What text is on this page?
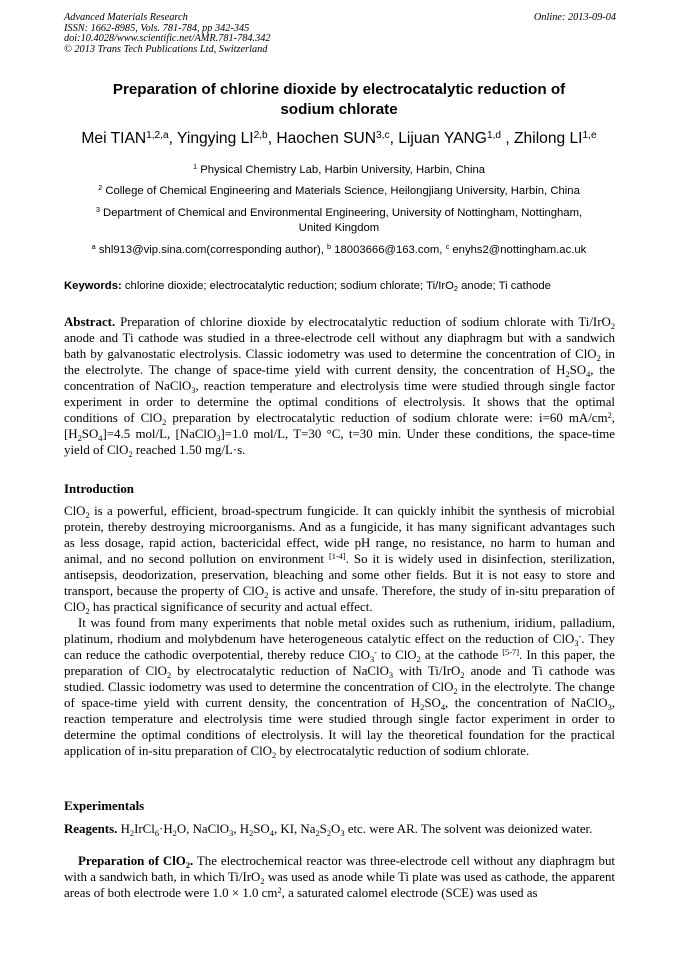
Advanced Materials Research
ISSN: 1662-8985, Vols. 781-784, pp 342-345
doi:10.4028/www.scientific.net/AMR.781-784.342
© 2013 Trans Tech Publications Ltd, Switzerland
Online: 2013-09-04
Preparation of chlorine dioxide by electrocatalytic reduction of
sodium chlorate
Mei TIAN$^{1,2,a}$, Yingying LI$^{2,b}$, Haochen SUN$^{3,c}$, Lijuan YANG$^{1,d}$ , Zhilong LI$^{1,e}$
$^1$ Physical Chemistry Lab, Harbin University, Harbin, China
$^2$ College of Chemical Engineering and Materials Science, Heilongjiang University, Harbin, China
$^3$ Department of Chemical and Environmental Engineering, University of Nottingham, Nottingham,
United Kingdom
$^a$ shl913@vip.sina.com(corresponding author), $^b$ 18003666@163.com, $^c$ enyhs2@nottingham.ac.uk
Keywords: chlorine dioxide; electrocatalytic reduction; sodium chlorate; Ti/IrO$_2$ anode; Ti cathode
Abstract. Preparation of chlorine dioxide by electrocatalytic reduction of sodium chlorate with Ti/IrO$_2$ anode and Ti cathode was studied in a three-electrode cell without any diaphragm but with a sandwich bath by galvanostatic electrolysis. Classic iodometry was used to determine the concentration of ClO$_2$ in the electrolyte. The change of space-time yield with current density, the concentration of $H_2SO_4$, the concentration of NaClO$_3$, reaction temperature and electrolysis time were studied through single factor experiment in order to determine the optimal conditions of electrolysis. It shows that the optimal conditions of ClO$_2$ preparation by electrocatalytic reduction of sodium chlorate were: i=60 $mA/cm^2$, $[H_2SO_4]=4.5$ mol/L, [NaClO$_3$]=1.0 mol/L, T=30 °C, t=30 min. Under these conditions, the space-time yield of ClO$_2$ reached 1.50 mg/L·s.
Introduction
ClO$_2$ is a powerful, efficient, broad-spectrum fungicide. It can quickly inhibit the synthesis of microbial protein, thereby destroying microorganisms. And as a fungicide, it has many significant advantages such as less dosage, rapid action, bactericidal effect, wide pH range, no resistance, no harm to human and animal, and no second pollution on environment [1-4]. So it is widely used in disinfection, sterilization, antisepsis, deodorization, preservation, bleaching and some other fields. But it is not easy to store and transport, because the property of ClO$_2$ is active and unsafe. Therefore, the study of in-situ preparation of ClO$_2$ has practical significance of security and actual effect.
It was found from many experiments that noble metal oxides such as ruthenium, iridium, palladium, platinum, rhodium and molybdenum have heterogeneous catalytic effect on the reduction of ClO$_3$-. They can reduce the cathodic overpotential, thereby reduce ClO$_3$- to ClO$_2$ at the cathode [5-7]. In this paper, the preparation of ClO$_2$ by electrocatalytic reduction of NaClO$_3$ with Ti/IrO$_2$ anode and Ti cathode was studied. Classic iodometry was used to determine the concentration of ClO$_2$ in the electrolyte. The change of space-time yield with current density, the concentration of $H_2SO_4$, the concentration of NaClO$_3$, reaction temperature and electrolysis time were studied through single factor experiment in order to determine the optimal conditions of electrolysis. It will lay the theoretical foundation for the practical application of in-situ preparation of ClO$_2$ by electrocatalytic reduction of sodium chlorate.
Experimentals
Reagents. $H_2IrCl_6\cdot H_2O$, NaClO$_3$, $H_2SO_4$, KI, $Na_2S_2O_3$ etc. were AR. The solvent was deionized water.
Preparation of ClO$_2$. The electrochemical reactor was three-electrode cell without any diaphragm but with a sandwich bath, in which Ti/IrO$_2$ was used as anode while Ti plate was used as cathode, the apparent areas of both electrode were 1.0 × 1.0 $cm^2$, a saturated calomel electrode (SCE) was used as
